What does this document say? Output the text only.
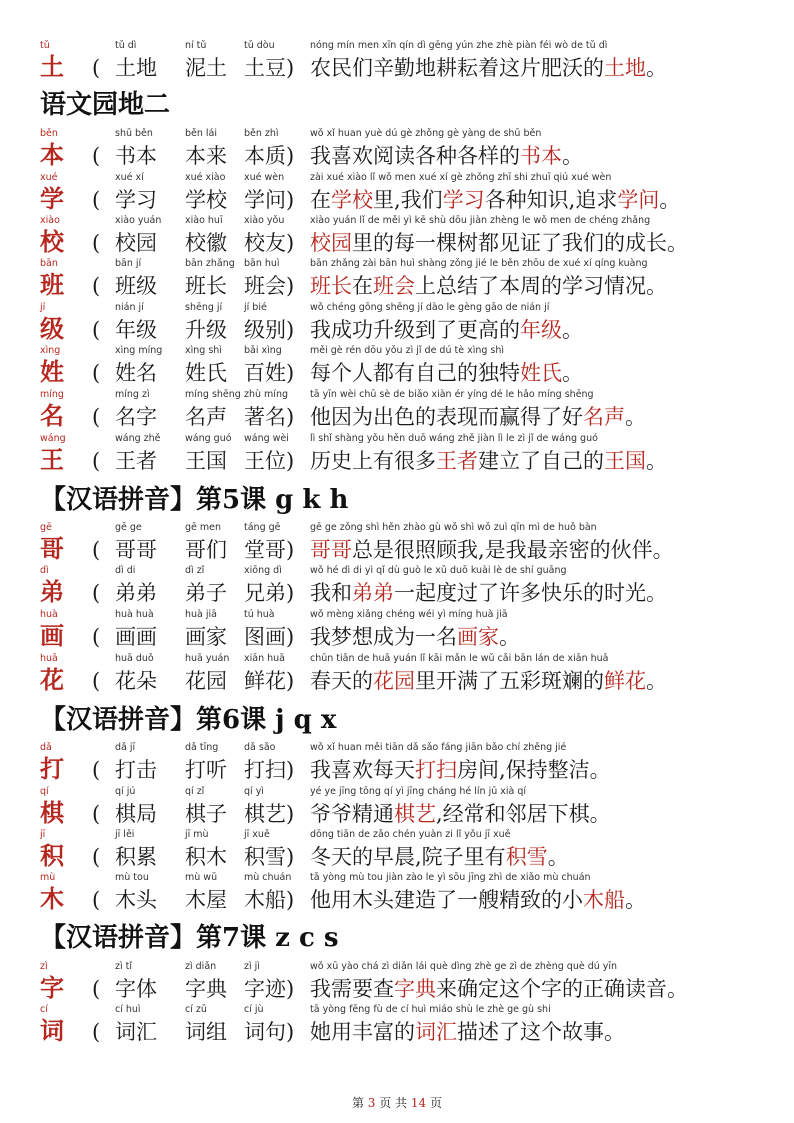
tǔ
土 (
tǔ dì
土地
ní tǔ
泥土
tǔ dòu
土豆)
nóng mín men xīn qín dì gēng yún zhe zhè piàn féi wò de tǔ dì
农民们辛勤地耕耘着这片肥沃的土地。
语文园地二
běn
本 (
shū běn
书本
běn lái
本来
běn zhì
本质)
wǒ xǐ huan yuè dú gè zhǒng gè yàng de shū běn
我喜欢阅读各种各样的书本。
xué
学 (
xué xí
学习
xué xiào
学校
xué wèn
学问)
zài xué xiào lǐ wǒ men xué xí gè zhǒng zhī shi zhuī qiú xué wèn
在学校里,我们学习各种知识,追求学问。
xiào
校 (
xiào yuán
校园
xiào huī
校徽
xiào yǒu
校友)
xiào yuán lǐ de měi yì kē shù dōu jiàn zhèng le wǒ men de chéng zhǎng
校园里的每一棵树都见证了我们的成长。
bān
班 (
bān jí
班级
bān zhǎng
班长
bān huì
班会)
bān zhǎng zài bān huì shàng zǒng jié le běn zhōu de xué xí qíng kuàng
班长在班会上总结了本周的学习情况。
jí
级 (
nián jí
年级
shēng jí
升级
jí bié
级别)
wǒ chéng gōng shēng jí dào le gèng gāo de nián jí
我成功升级到了更高的年级。
xìng
姓 (
xìng míng
姓名
xìng shì
姓氏
bǎi xìng
百姓)
měi gè rén dōu yǒu zì jǐ de dú tè xìng shì
每个人都有自己的独特姓氏。
míng
名 (
míng zì
名字
míng shēng
名声
zhù míng
著名)
tā yīn wèi chū sè de biǎo xiàn ér yíng dé le hǎo míng shēng
他因为出色的表现而赢得了好名声。
wáng
王 (
wáng zhě
王者
wáng guó
王国
wáng wèi
王位)
lì shǐ shàng yǒu hěn duō wáng zhě jiàn lì le zì jǐ de wáng guó
历史上有很多王者建立了自己的王国。
【汉语拼音】第5课 g k h
gē
哥 (
gē ge
哥哥
gē men
哥们
táng gē
堂哥)
gē ge zǒng shì hěn zhào gù wǒ shì wǒ zuì qīn mì de huǒ bàn
哥哥总是很照顾我,是我最亲密的伙伴。
dì
弟 (
dì di
弟弟
dì zǐ
弟子
xiōng dì
兄弟)
wǒ hé dì di yì qǐ dù guò le xǔ duō kuài lè de shí guāng
我和弟弟一起度过了许多快乐的时光。
huà
画 (
huà huà
画画
huà jiā
画家
tú huà
图画)
wǒ mèng xiǎng chéng wéi yì míng huà jiā
我梦想成为一名画家。
huā
花 (
huā duǒ
花朵
huā yuán
花园
xiān huā
鲜花)
chūn tiān de huā yuán lǐ kāi mǎn le wǔ cǎi bān lán de xiān huā
春天的花园里开满了五彩斑斓的鲜花。
【汉语拼音】第6课 j q x
dǎ
打 (
dǎ jī
打击
dǎ tīng
打听
dǎ sǎo
打扫)
wǒ xǐ huan měi tiān dǎ sǎo fáng jiān bǎo chí zhěng jié
我喜欢每天打扫房间,保持整洁。
qí
棋 (
qí jú
棋局
qí zǐ
棋子
qí yì
棋艺)
yé ye jīng tōng qí yì jīng cháng hé lín jū xià qí
爷爷精通棋艺,经常和邻居下棋。
jī
积 (
jī lěi
积累
jī mù
积木
jī xuě
积雪)
dōng tiān de zǎo chén yuàn zi lǐ yǒu jī xuě
冬天的早晨,院子里有积雪。
mù
木 (
mù tou
木头
mù wū
木屋
mù chuán
木船)
tā yòng mù tou jiàn zào le yì sōu jīng zhì de xiǎo mù chuán
他用木头建造了一艘精致的小木船。
【汉语拼音】第7课 z c s
zì
字 (
zì tǐ
字体
zì diǎn
字典
zì jì
字迹)
wǒ xū yào chá zì diǎn lái què dìng zhè ge zì de zhèng què dú yīn
我需要查字典来确定这个字的正确读音。
cí
词 (
cí huì
词汇
cí zǔ
词组
cí jù
词句)
tā yòng fēng fù de cí huì miáo shù le zhè ge gù shi
她用丰富的词汇描述了这个故事。
第 3 页 共 14 页
